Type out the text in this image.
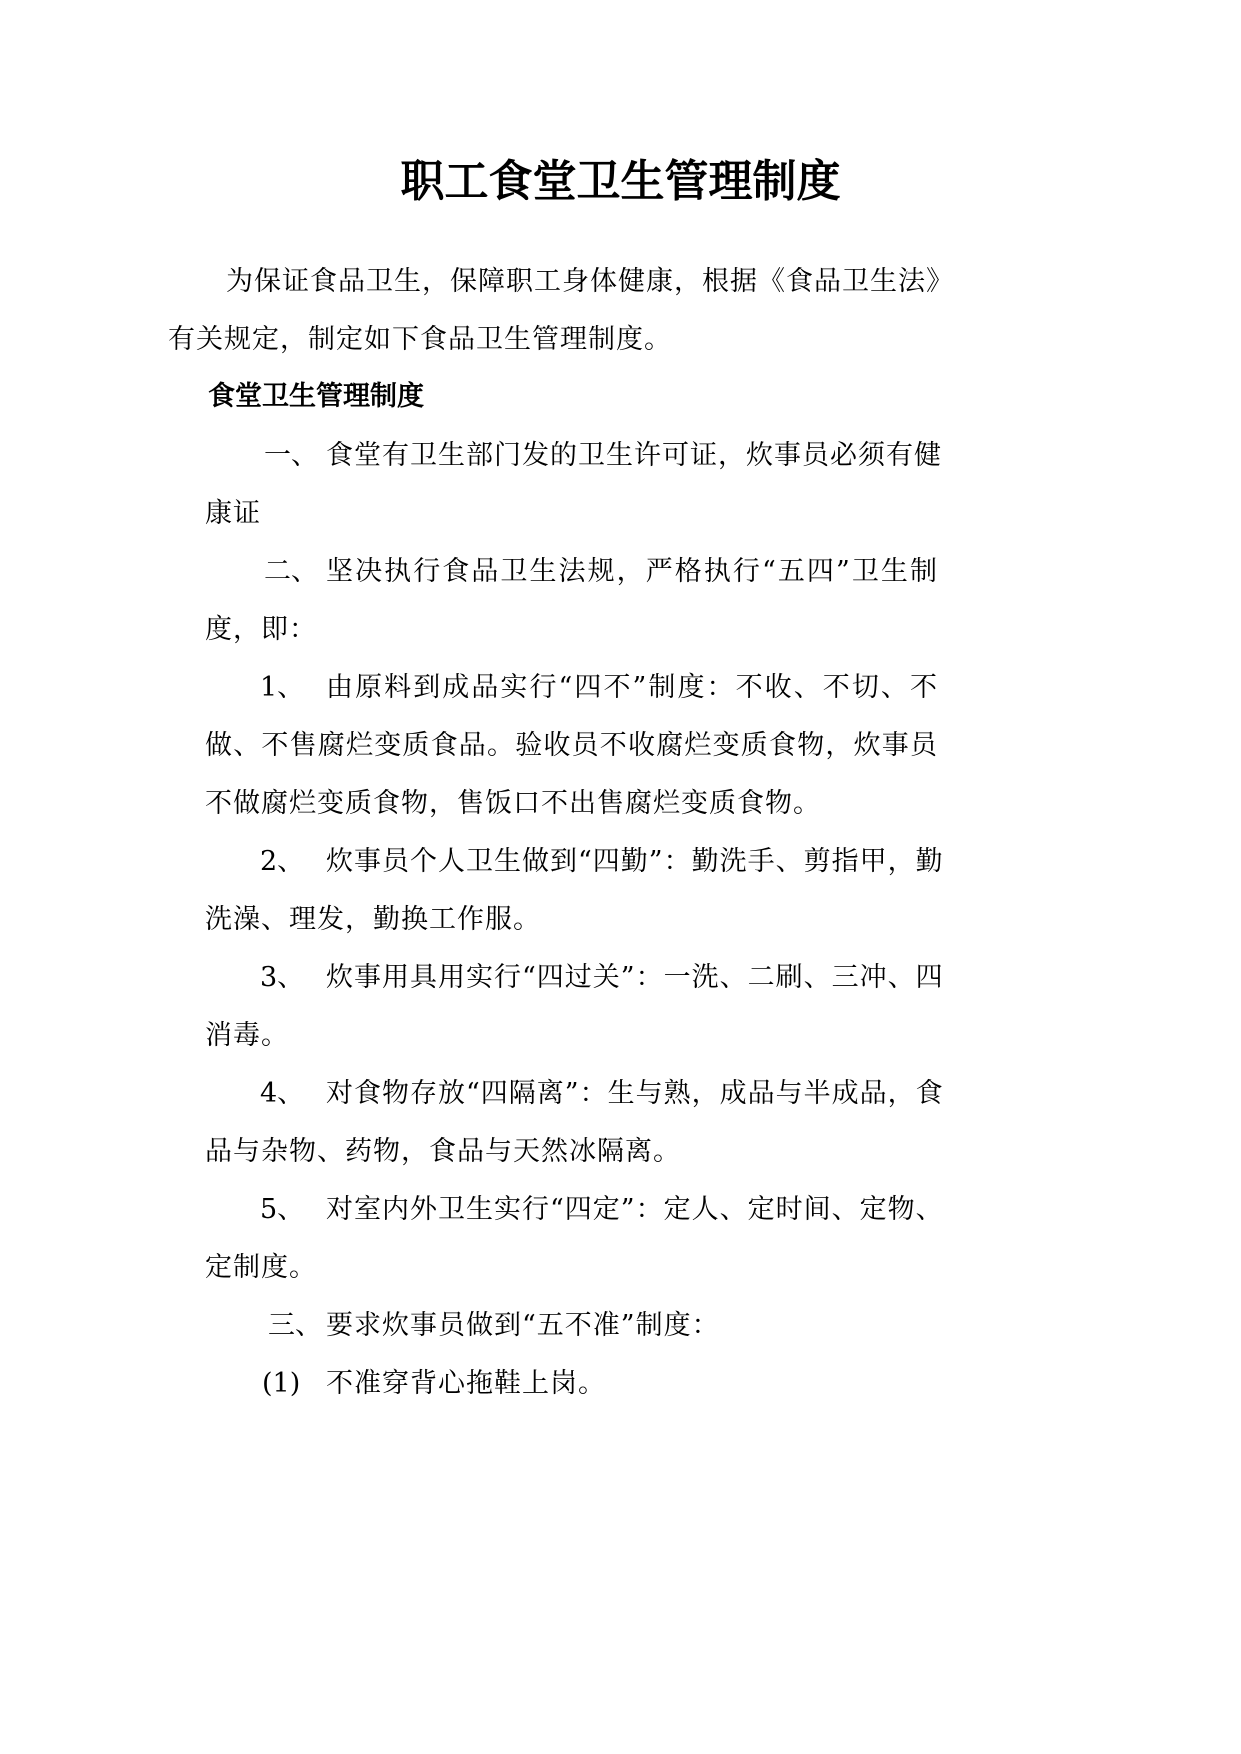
职工食堂卫生管理制度
为保证食品卫生，保障职工身体健康，根据《食品卫生法》
有关规定，制定如下食品卫生管理制度。
食堂卫生管理制度
一、 食堂有卫生部门发的卫生许可证，炊事员必须有健
康证
二、 坚决执行食品卫生法规，严格执行“五四”卫生制
度，即：
1、 由原料到成品实行“四不”制度：不收、不切、不
做、不售腐烂变质食品。验收员不收腐烂变质食物，炊事员
不做腐烂变质食物，售饭口不出售腐烂变质食物。
2、 炊事员个人卫生做到“四勤”：勤洗手、剪指甲，勤
洗澡、理发，勤换工作服。
3、 炊事用具用实行“四过关”：一洗、二刷、三冲、四
消毒。
4、 对食物存放“四隔离”：生与熟，成品与半成品，食
品与杂物、药物，食品与天然冰隔离。
5、 对室内外卫生实行“四定”：定人、定时间、定物、
定制度。
三、 要求炊事员做到“五不准”制度：
(1) 不准穿背心拖鞋上岗。
